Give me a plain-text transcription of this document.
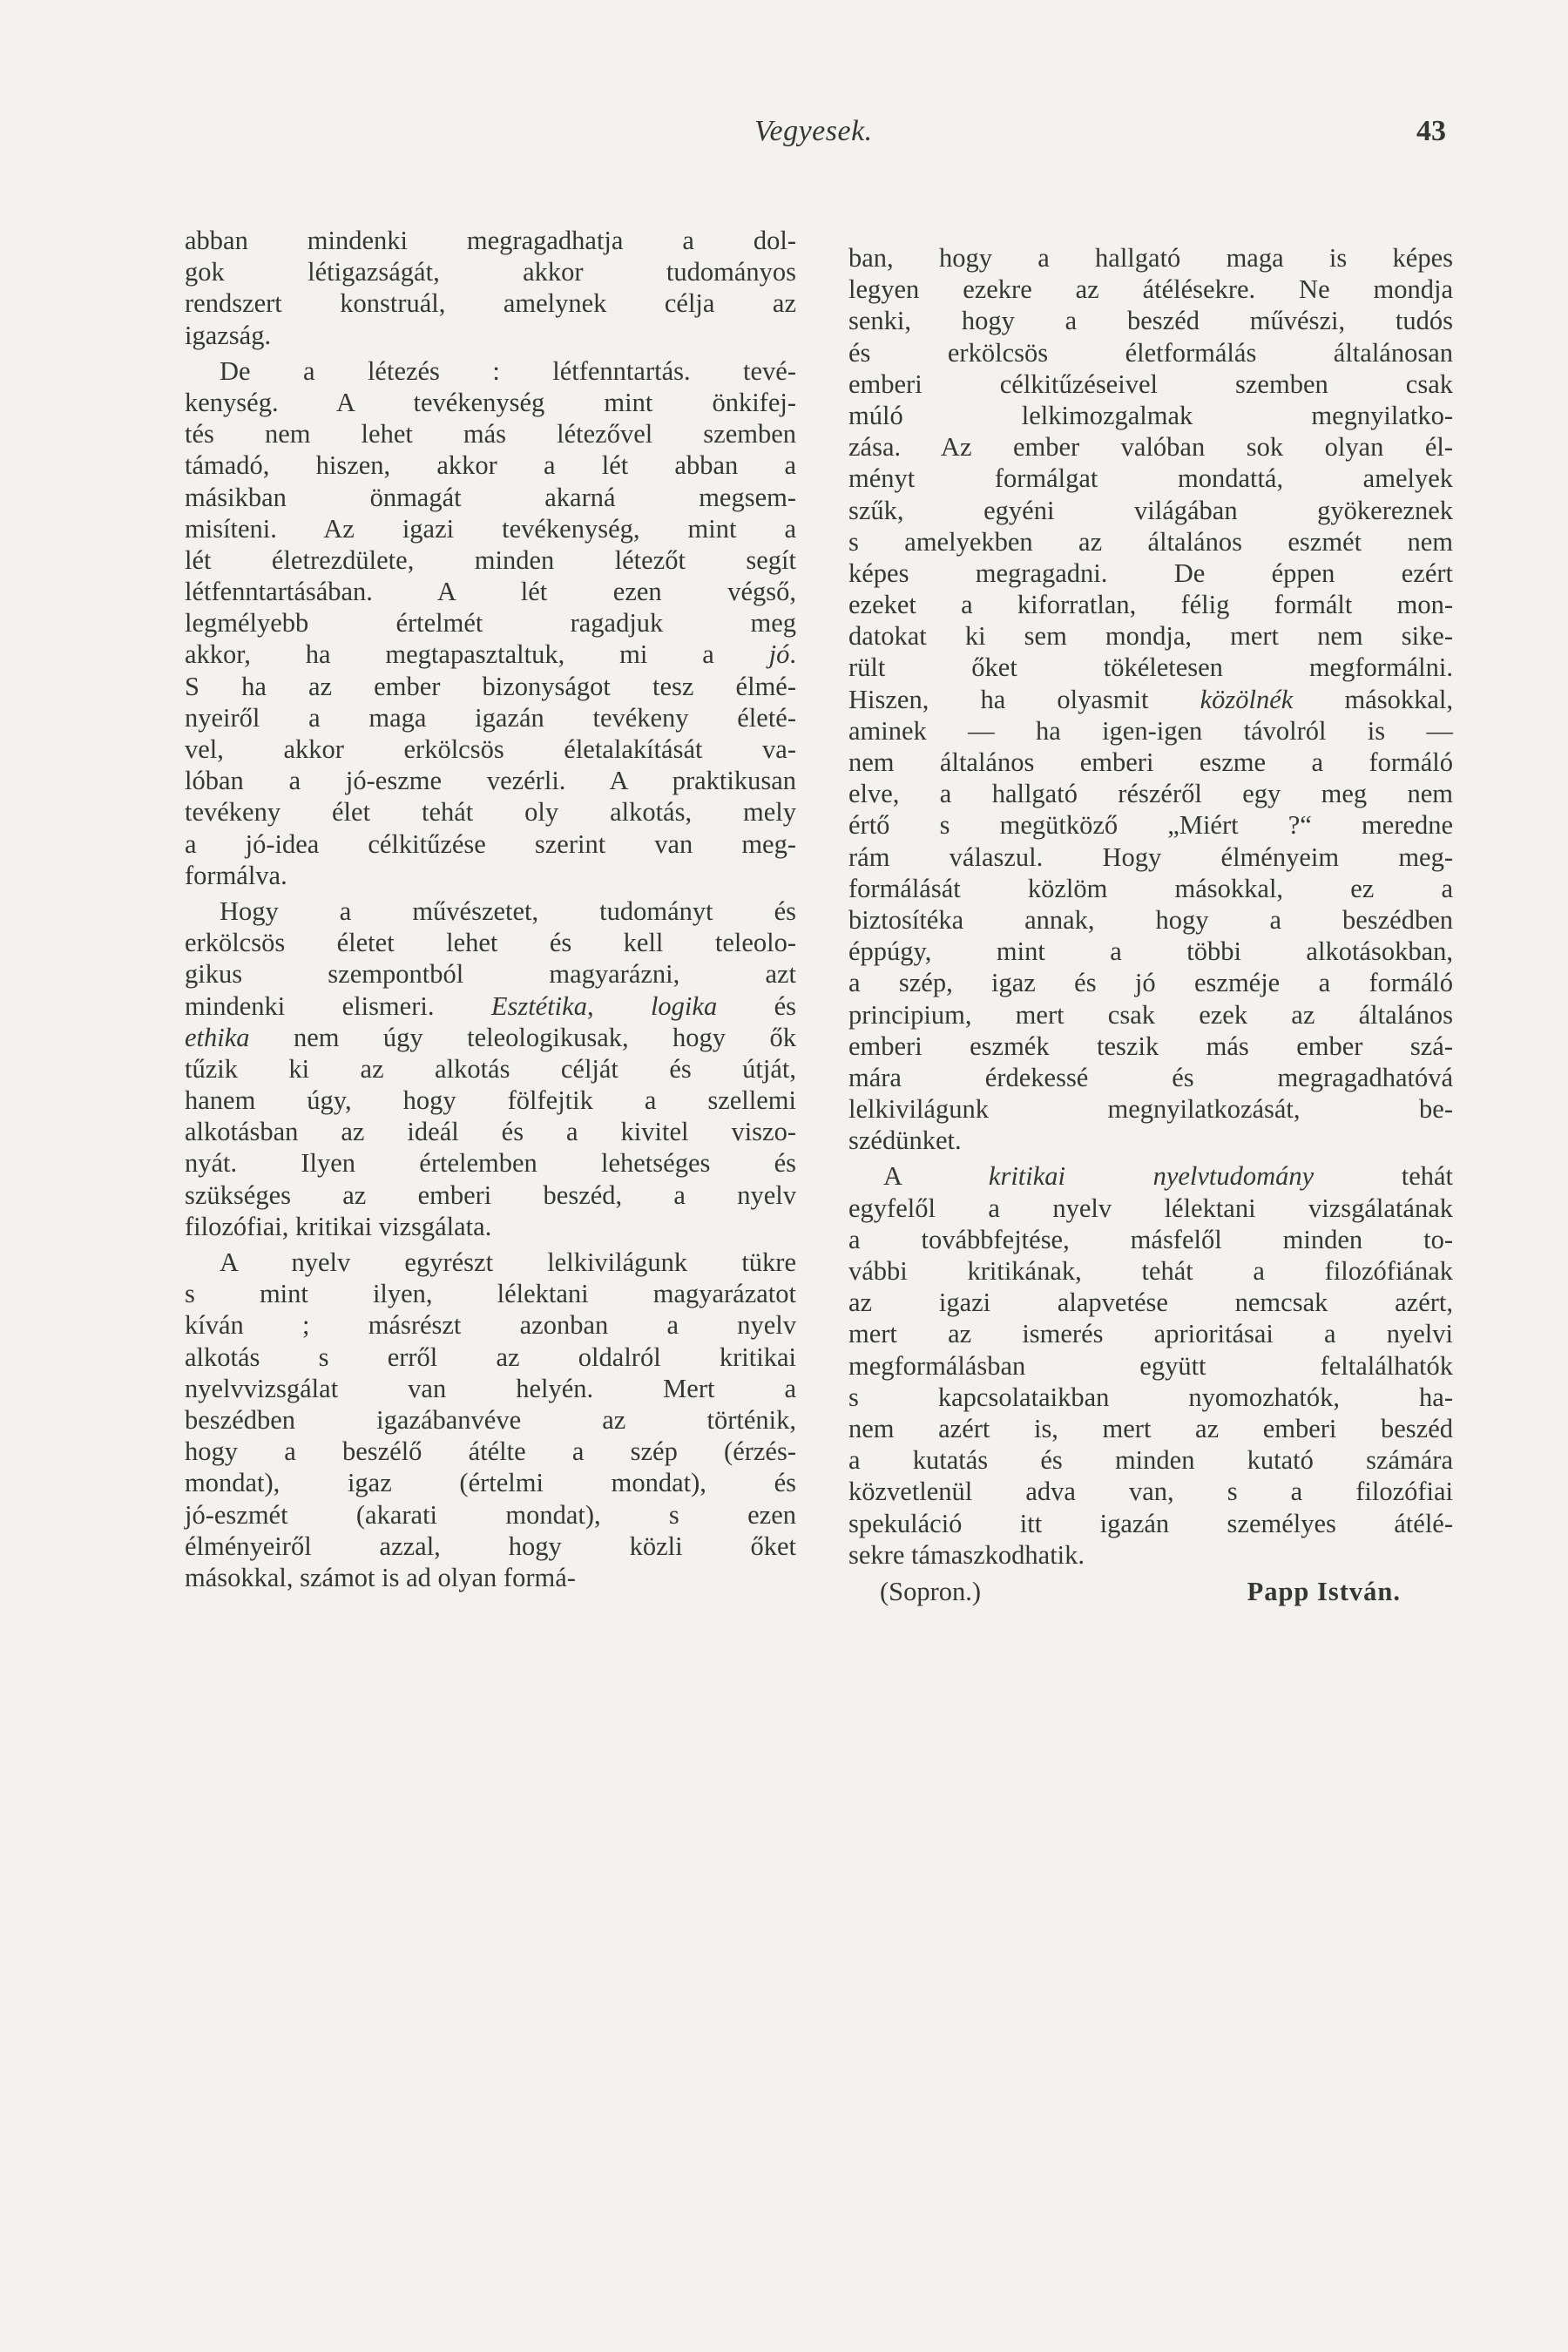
Vegyesek.	43
abban mindenki megragadhatja a dol-
gok létigazságát, akkor tudományos
rendszert konstruál, amelynek célja az
igazság.
De a létezés : létfenntartás. tevé-
kenység. A tevékenység mint önkifej-
tés nem lehet más létezővel szemben
támadó, hiszen, akkor a lét abban a
másikban önmagát akarná megsem-
misíteni. Az igazi tevékenység, mint a
lét életrezdülete, minden létezőt segít
létfenntartásában. A lét ezen végső,
legmélyebb értelmét ragadjuk meg
akkor, ha megtapasztaltuk, mi a jó.
S ha az ember bizonyságot tesz élmé-
nyeiről a maga igazán tevékeny életé-
vel, akkor erkölcsös életalakítását va-
lóban a jó-eszme vezérli. A praktikusan
tevékeny élet tehát oly alkotás, mely
a jó-idea célkitűzése szerint van meg-
formálva.
Hogy a művészetet, tudományt és
erkölcsös életet lehet és kell teleolo-
gikus szempontból magyarázni, azt
mindenki elismeri. Esztétika, logika és
ethika nem úgy teleologikusak, hogy ők
tűzik ki az alkotás célját és útját,
hanem úgy, hogy fölfejtik a szellemi
alkotásban az ideál és a kivitel viszo-
nyát. Ilyen értelemben lehetséges és
szükséges az emberi beszéd, a nyelv
filozófiai, kritikai vizsgálata.
A nyelv egyrészt lelkivilágunk tükre
s mint ilyen, lélektani magyarázatot
kíván ; másrészt azonban a nyelv
alkotás s erről az oldalról kritikai
nyelvvizsgálat van helyén. Mert a
beszédben igazábanvéve az történik,
hogy a beszélő átélte a szép (érzés-
mondat), igaz (értelmi mondat), és
jó-eszmét (akarati mondat), s ezen
élményeiről azzal, hogy közli őket
másokkal, számot is ad olyan formá-
ban, hogy a hallgató maga is képes
legyen ezekre az átélésekre. Ne mondja
senki, hogy a beszéd művészi, tudós
és erkölcsös életformálás általánosan
emberi célkitűzéseivel szemben csak
múló lelkimozgalmak megnyilatko-
zása. Az ember valóban sok olyan él-
ményt formálgat mondattá, amelyek
szűk, egyéni világában gyökereznek
s amelyekben az általános eszmét nem
képes megragadni. De éppen ezért
ezeket a kiforratlan, félig formált mon-
datokat ki sem mondja, mert nem sike-
rült őket tökéletesen megformálni.
Hiszen, ha olyasmit közölnék másokkal,
aminek — ha igen-igen távolról is —
nem általános emberi eszme a formáló
elve, a hallgató részéről egy meg nem
értő s megütköző „Miért ?“ meredne
rám válaszul. Hogy élményeim meg-
formálását közlöm másokkal, ez a
biztosítéka annak, hogy a beszédben
éppúgy, mint a többi alkotásokban,
a szép, igaz és jó eszméje a formáló
principium, mert csak ezek az általános
emberi eszmék teszik más ember szá-
mára érdekessé és megragadhatóvá
lelkivilágunk megnyilatkozását, be-
szédünket.
A kritikai	nyelvtudomány tehát
egyfelől a nyelv lélektani vizsgálatának
a továbbfejtése, másfelől minden to-
vábbi kritikának, tehát a filozófiának
az igazi alapvetése nemcsak azért,
mert az ismerés aprioritásai a nyelvi
megformálásban együtt feltalálhatók
s kapcsolataikban nyomozhatók, ha-
nem azért is, mert az emberi beszéd
a kutatás és minden kutató számára
közvetlenül adva van, s a filozófiai
spekuláció itt igazán személyes átélé-
sekre támaszkodhatik.
(Sopron.)	Papp István.
